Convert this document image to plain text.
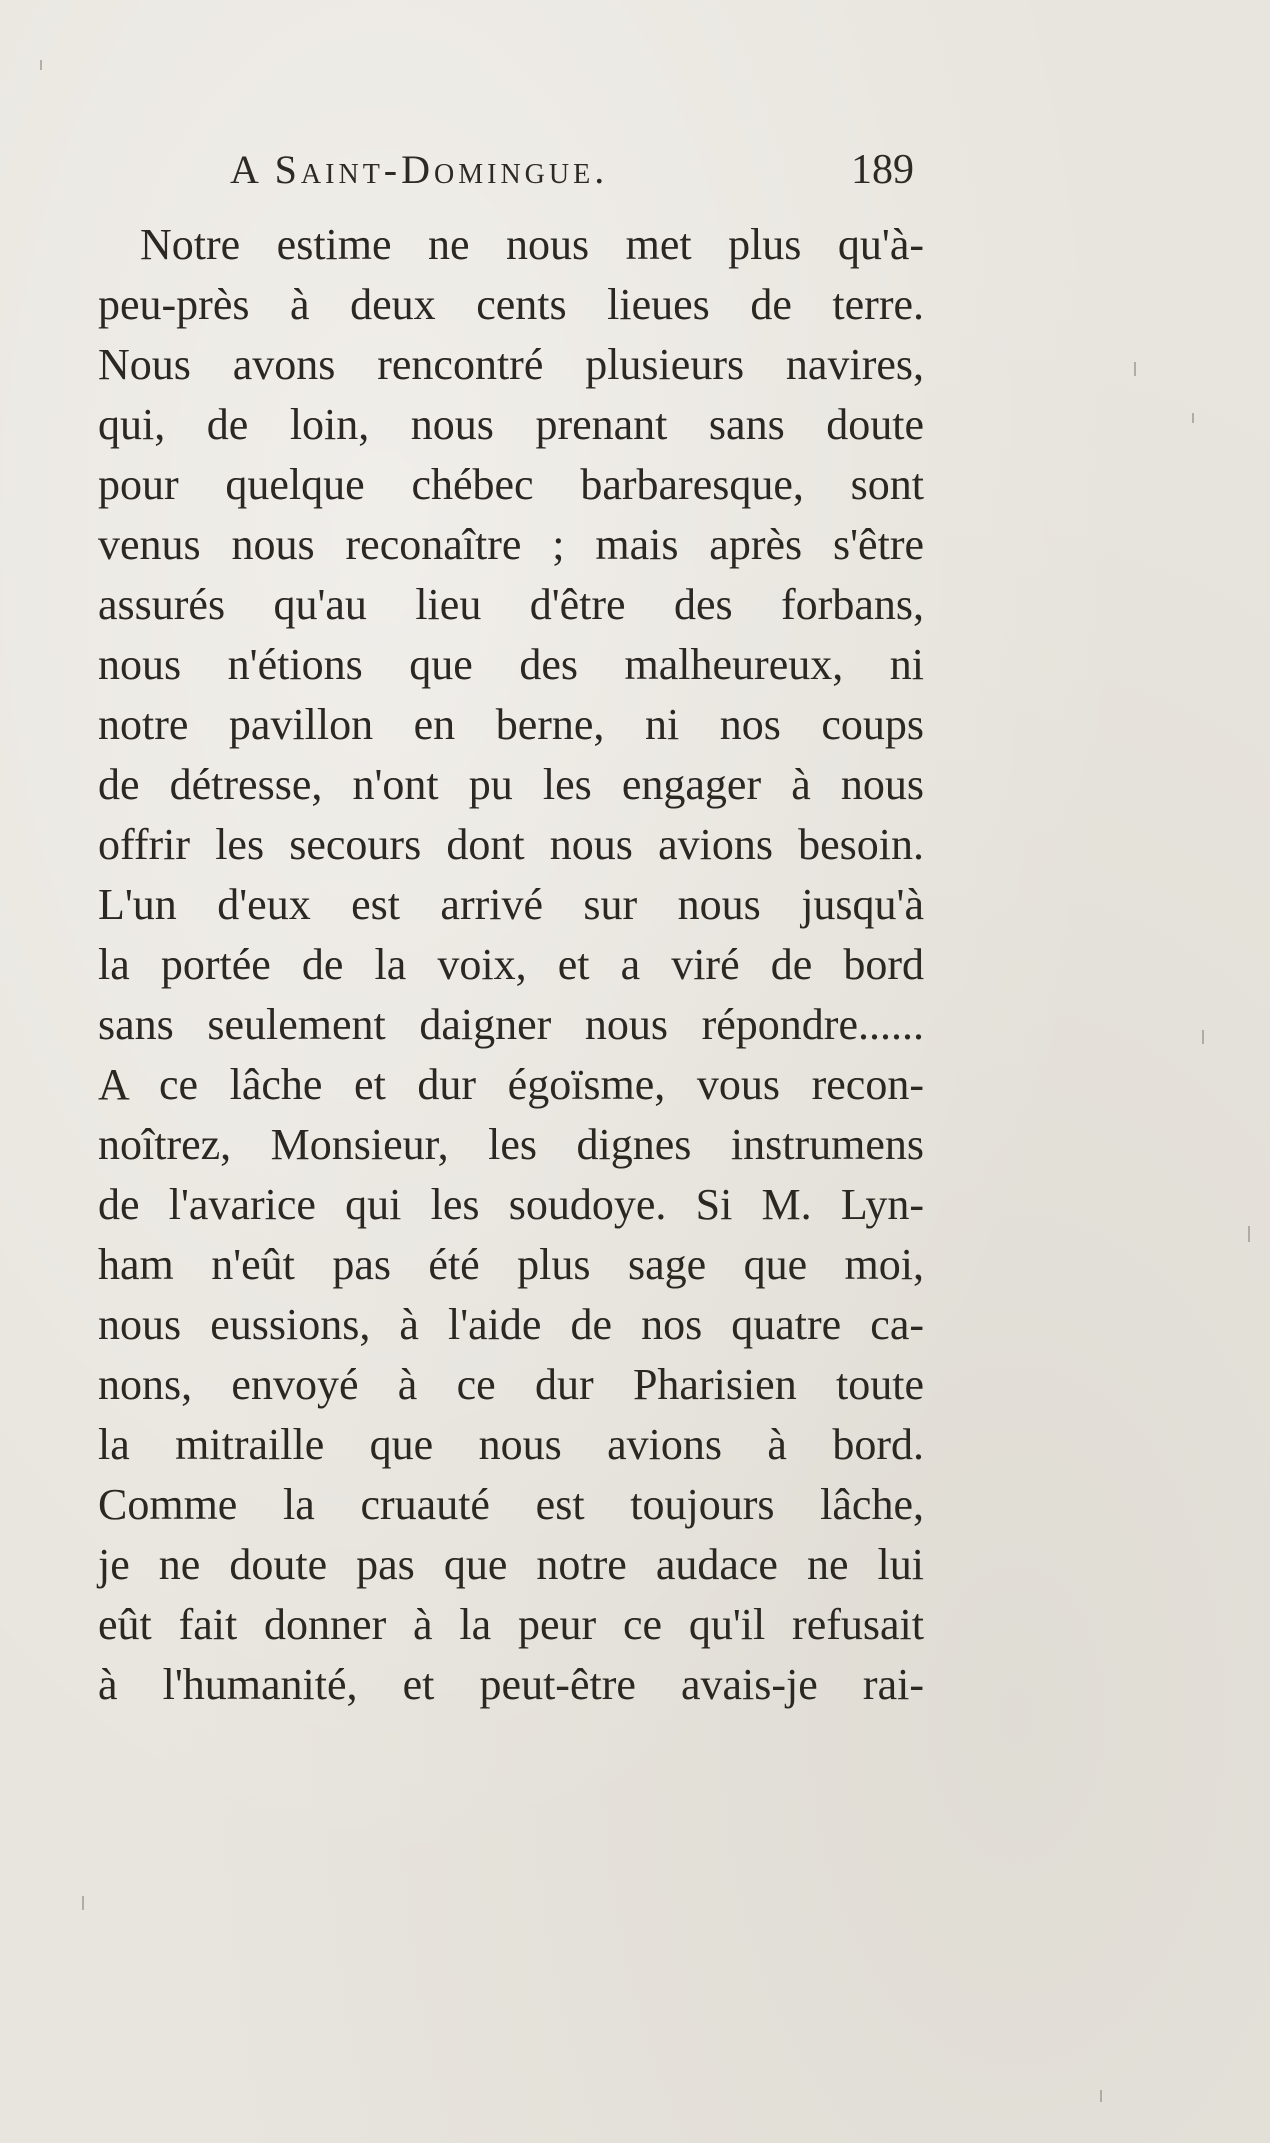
A Saint-Domingue.	189
Notre estime ne nous met plus qu'à-
peu-près à deux cents lieues de terre.
Nous avons rencontré plusieurs navires,
qui, de loin, nous prenant sans doute
pour quelque chébec barbaresque, sont
venus nous reconaître ; mais après s'être
assurés qu'au lieu d'être des forbans,
nous n'étions que des malheureux, ni
notre pavillon en berne, ni nos coups
de détresse, n'ont pu les engager à nous
offrir les secours dont nous avions besoin.
L'un d'eux est arrivé sur nous jusqu'à
la portée de la voix, et a viré de bord
sans seulement daigner nous répondre......
A ce lâche et dur égoïsme, vous recon-
noîtrez, Monsieur, les dignes instrumens
de l'avarice qui les soudoye. Si M. Lyn-
ham n'eût pas été plus sage que moi,
nous eussions, à l'aide de nos quatre ca-
nons, envoyé à ce dur Pharisien toute
la mitraille que nous avions à bord.
Comme la cruauté est toujours lâche,
je ne doute pas que notre audace ne lui
eût fait donner à la peur ce qu'il refusait
à l'humanité, et peut-être avais-je rai-
